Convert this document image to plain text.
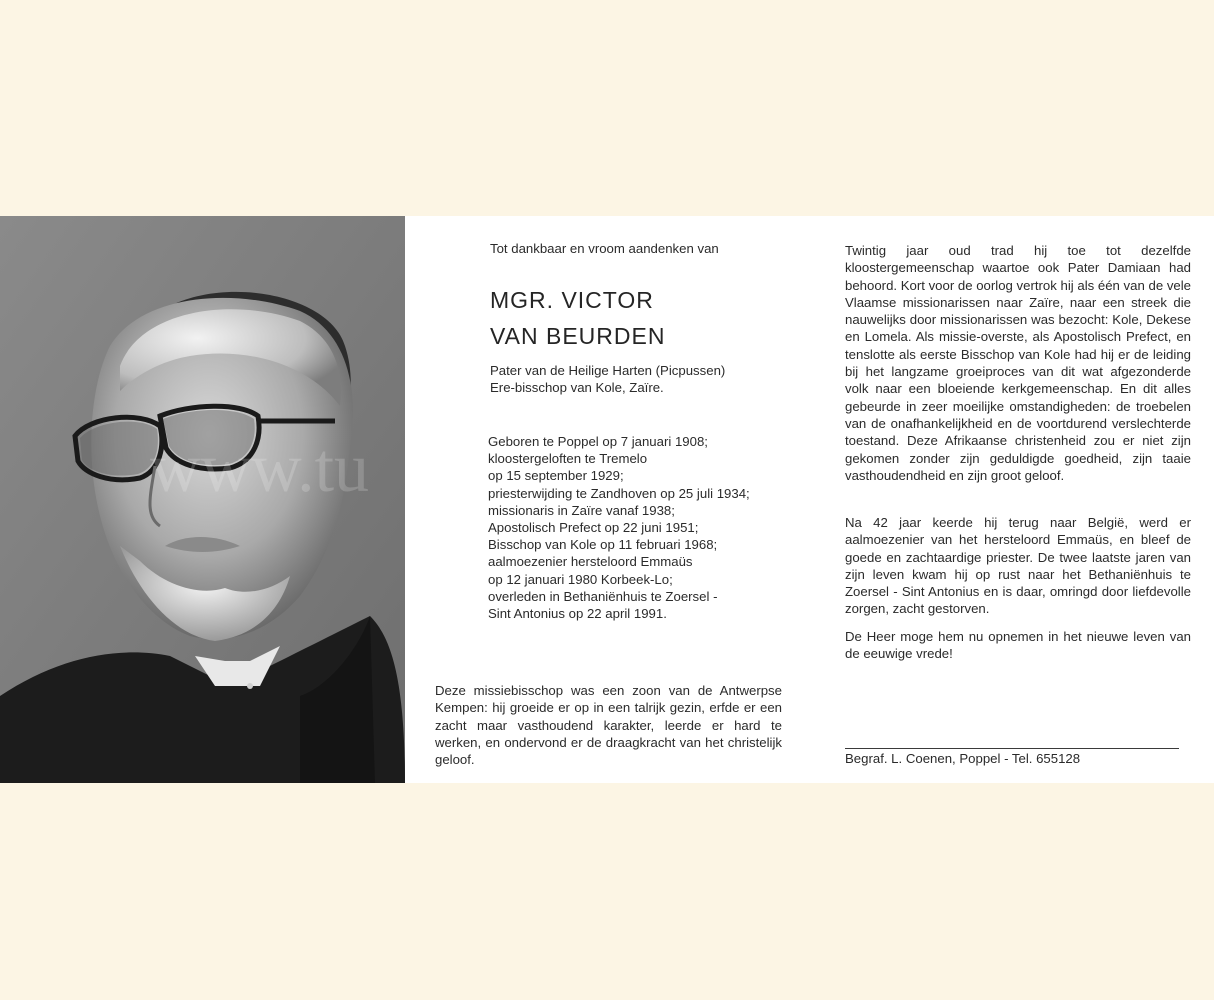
www.tu
Tot dankbaar en vroom aandenken van
MGR. VICTOR
VAN BEURDEN
Pater van de Heilige Harten (Picpussen)
Ere-bisschop van Kole, Zaïre.
Geboren te Poppel op 7 januari 1908;
kloostergeloften te Tremelo
op 15 september 1929;
priesterwijding te Zandhoven op 25 juli 1934;
missionaris in Zaïre vanaf 1938;
Apostolisch Prefect op 22 juni 1951;
Bisschop van Kole op 11 februari 1968;
aalmoezenier hersteloord Emmaüs
op 12 januari 1980 Korbeek-Lo;
overleden in Bethaniënhuis te Zoersel -
Sint Antonius op 22 april 1991.
Deze missiebisschop was een zoon van de Antwerpse Kempen: hij groeide er op in een talrijk gezin, erfde er een zacht maar vasthoudend karakter, leerde er hard te werken, en ondervond er de draagkracht van het christelijk geloof.
Twintig jaar oud trad hij toe tot dezelfde kloostergemeenschap waartoe ook Pater Damiaan had behoord. Kort voor de oorlog vertrok hij als één van de vele Vlaamse missionarissen naar Zaïre, naar een streek die nauwelijks door missionarissen was bezocht: Kole, Dekese en Lomela. Als missie-overste, als Apostolisch Prefect, en tenslotte als eerste Bisschop van Kole had hij er de leiding bij het langzame groeiproces van dit wat afgezonderde volk naar een bloeiende kerkgemeenschap. En dit alles gebeurde in zeer moeilijke omstandigheden: de troebelen van de onafhankelijkheid en de voortdurend verslechterde toestand. Deze Afrikaanse christenheid zou er niet zijn gekomen zonder zijn geduldigde goedheid, zijn taaie vasthoudendheid en zijn groot geloof.
Na 42 jaar keerde hij terug naar België, werd er aalmoezenier van het hersteloord Emmaüs, en bleef de goede en zachtaardige priester. De twee laatste jaren van zijn leven kwam hij op rust naar het Bethaniënhuis te Zoersel - Sint Antonius en is daar, omringd door liefdevolle zorgen, zacht gestorven.
De Heer moge hem nu opnemen in het nieuwe leven van de eeuwige vrede!
Begraf. L. Coenen, Poppel - Tel. 655128
